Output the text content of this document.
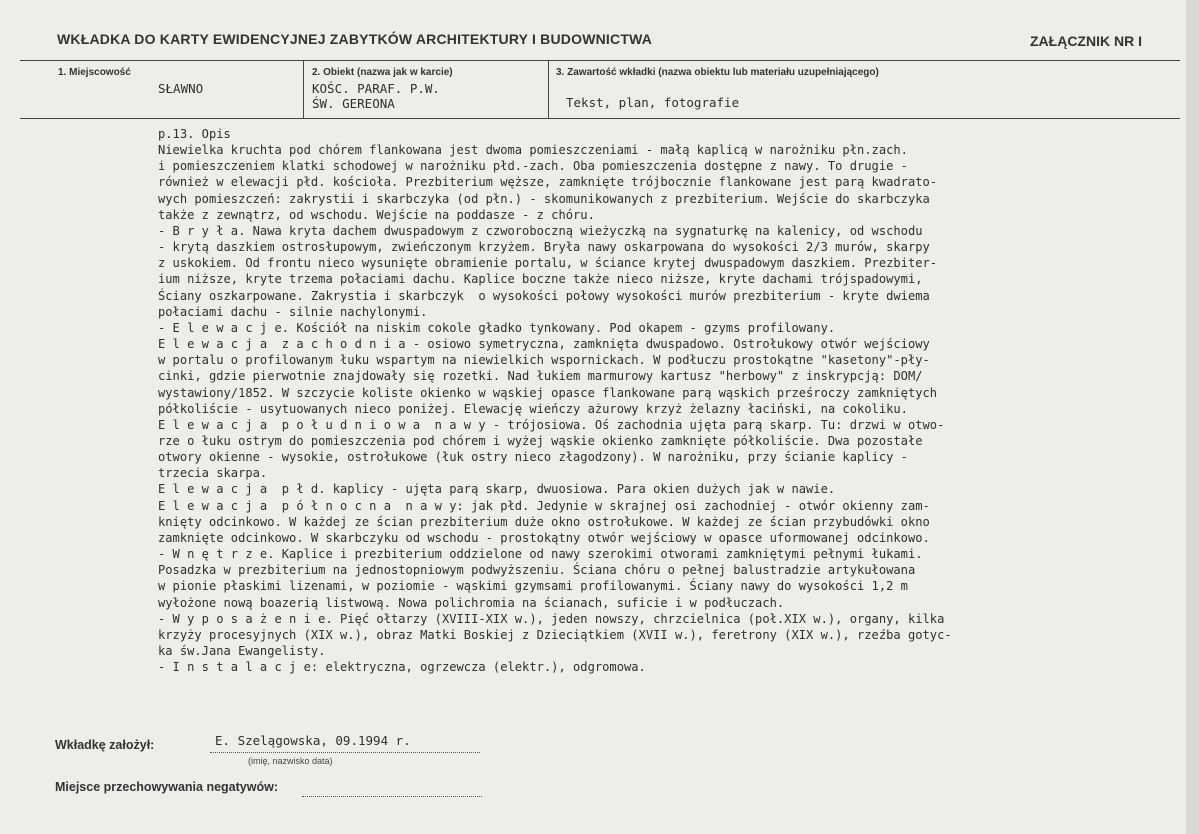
WKŁADKA DO KARTY EWIDENCYJNEJ ZABYTKÓW ARCHITEKTURY I BUDOWNICTWA	ZAŁĄCZNIK NR I
1. Miejscowość
SŁAWNO
2. Obiekt (nazwa jak w karcie)
KOŚC. PARAF. P.W.
ŚW. GEREONA
3. Zawartość wkładki (nazwa obiektu lub materiału uzupełniającego)
Tekst, plan, fotografie
p.13. Opis
Niewielka kruchta pod chórem flankowana jest dwoma pomieszczeniami - małą kaplicą w narożniku płn.zach.
i pomieszczeniem klatki schodowej w narożniku płd.-zach. Oba pomieszczenia dostępne z nawy. To drugie -
również w elewacji płd. kościoła. Prezbiterium węższe, zamknięte trójbocznie flankowane jest parą kwadrato-
wych pomieszczeń: zakrystii i skarbczyka (od płn.) - skomunikowanych z prezbiterium. Wejście do skarbczyka
także z zewnątrz, od wschodu. Wejście na poddasze - z chóru.
- B r y ł a. Nawa kryta dachem dwuspadowym z czworoboczną wieżyczką na sygnaturkę na kalenicy, od wschodu
- krytą daszkiem ostrosłupowym, zwieńczonym krzyżem. Bryła nawy oskarpowana do wysokości 2/3 murów, skarpy
z uskokiem. Od frontu nieco wysunięte obramienie portalu, w ściance krytej dwuspadowym daszkiem. Prezbiter-
ium niższe, kryte trzema połaciami dachu. Kaplice boczne także nieco niższe, kryte dachami trójspadowymi,
Ściany oszkarpowane. Zakrystia i skarbczyk  o wysokości połowy wysokości murów prezbiterium - kryte dwiema
połaciami dachu - silnie nachylonymi.
- E l e w a c j e. Kościół na niskim cokole gładko tynkowany. Pod okapem - gzyms profilowany.
E l e w a c j a  z a c h o d n i a - osiowo symetryczna, zamknięta dwuspadowo. Ostrołukowy otwór wejściowy
w portalu o profilowanym łuku wspartym na niewielkich wspornickach. W podłuczu prostokątne "kasetony"-pły-
cinki, gdzie pierwotnie znajdowały się rozetki. Nad łukiem marmurowy kartusz "herbowy" z inskrypcją: DOM/
wystawiony/1852. W szczycie koliste okienko w wąskiej opasce flankowane parą wąskich prześroczy zamkniętych
półkoliście - usytuowanych nieco poniżej. Elewację wieńczy ażurowy krzyż żelazny łaciński, na cokoliku.
E l e w a c j a  p o ł u d n i o w a  n a w y - trójosiowa. Oś zachodnia ujęta parą skarp. Tu: drzwi w otwo-
rze o łuku ostrym do pomieszczenia pod chórem i wyżej wąskie okienko zamknięte półkoliście. Dwa pozostałe
otwory okienne - wysokie, ostrołukowe (łuk ostry nieco złagodzony). W narożniku, przy ścianie kaplicy -
trzecia skarpa.
E l e w a c j a  p ł d. kaplicy - ujęta parą skarp, dwuosiowa. Para okien dużych jak w nawie.
E l e w a c j a  p ó ł n o c n a  n a w y: jak płd. Jedynie w skrajnej osi zachodniej - otwór okienny zam-
knięty odcinkowo. W każdej ze ścian prezbiterium duże okno ostrołukowe. W każdej ze ścian przybudówki okno
zamknięte odcinkowo. W skarbczyku od wschodu - prostokątny otwór wejściowy w opasce uformowanej odcinkowo.
- W n ę t r z e. Kaplice i prezbiterium oddzielone od nawy szerokimi otworami zamkniętymi pełnymi łukami.
Posadzka w prezbiterium na jednostopniowym podwyższeniu. Ściana chóru o pełnej balustradzie artykułowana
w pionie płaskimi lizenami, w poziomie - wąskimi gzymsami profilowanymi. Ściany nawy do wysokości 1,2 m
wyłożone nową boazerią listwową. Nowa polichromia na ścianach, suficie i w podłuczach.
- W y p o s a ż e n i e. Pięć ołtarzy (XVIII-XIX w.), jeden nowszy, chrzcielnica (poł.XIX w.), organy, kilka
krzyży procesyjnych (XIX w.), obraz Matki Boskiej z Dzieciątkiem (XVII w.), feretrony (XIX w.), rzeźba gotyc-
ka św.Jana Ewangelisty.
- I n s t a l a c j e: elektryczna, ogrzewcza (elektr.), odgromowa.
Wkładkę założył:	E. Szelągowska, 09.1994 r.
(imię, nazwisko data)
Miejsce przechowywania negatywów:
